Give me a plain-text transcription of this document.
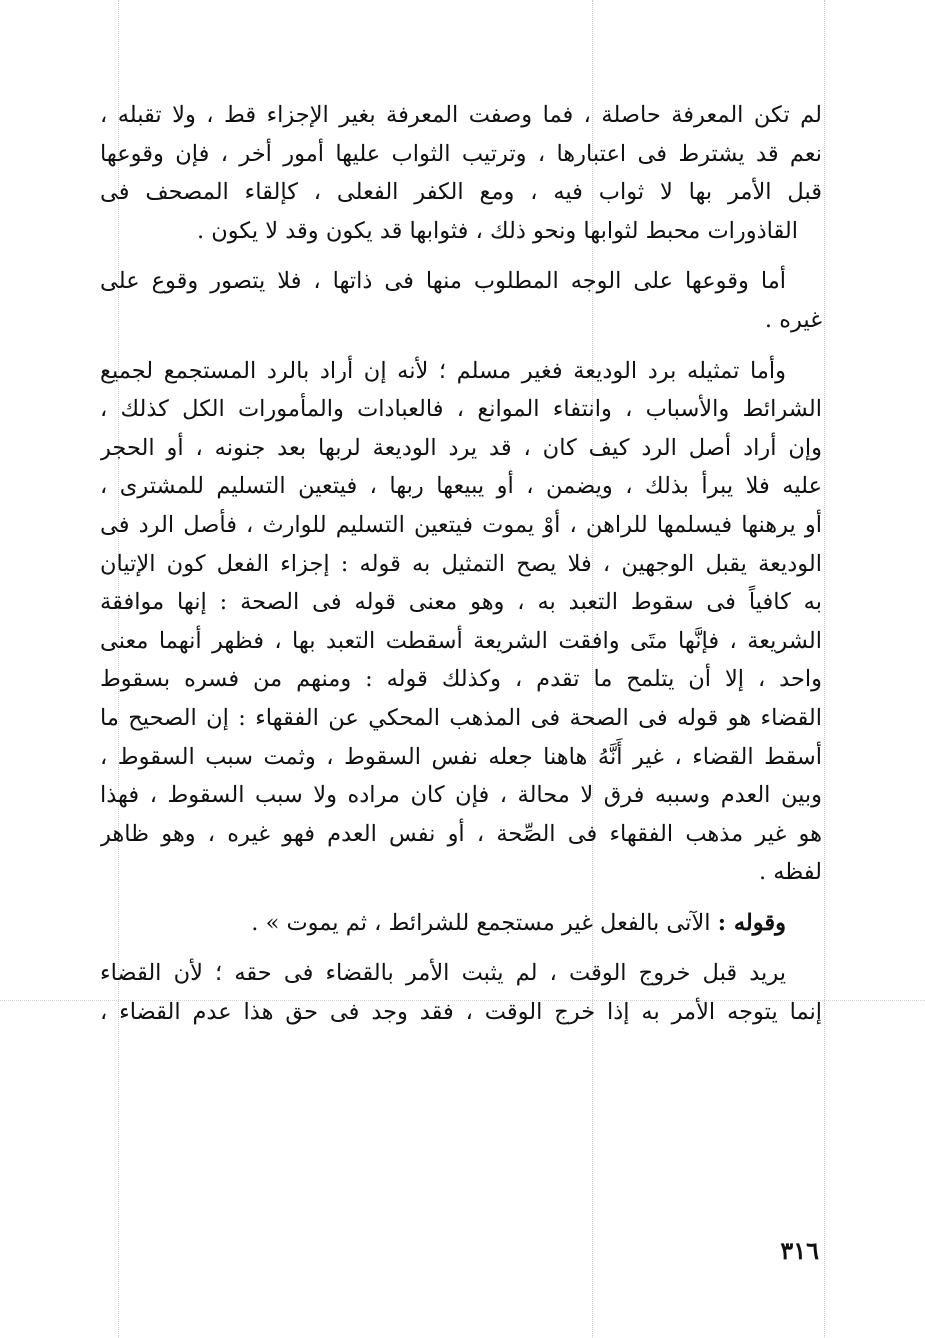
لم تكن المعرفة حاصلة ، فما وصفت المعرفة بغير الإجزاء قط ، ولا تقبله ،
نعم قد يشترط فى اعتبارها ، وترتيب الثواب عليها أمور أخر ، فإن وقوعها
قبل الأمر بها لا ثواب فيه ، ومع الكفر الفعلى ، كإلقاء المصحف فى
القاذورات محبط لثوابها ونحو ذلك ، فثوابها قد يكون وقد لا يكون .
أما وقوعها على الوجه المطلوب منها فى ذاتها ، فلا يتصور وقوع على
غيره .
وأما تمثيله برد الوديعة فغير مسلم ؛ لأنه إن أراد بالرد المستجمع لجميع
الشرائط والأسباب ، وانتفاء الموانع ، فالعبادات والمأمورات الكل كذلك ،
وإن أراد أصل الرد كيف كان ، قد يرد الوديعة لربها بعد جنونه ، أو الحجر
عليه فلا يبرأ بذلك ، ويضمن ، أو يبيعها ربها ، فيتعين التسليم للمشترى ،
أو يرهنها فيسلمها للراهن ، أوْ يموت فيتعين التسليم للوارث ، فأصل الرد فى
الوديعة يقبل الوجهين ، فلا يصح التمثيل به قوله : إجزاء الفعل كون الإتيان
به كافياً فى سقوط التعبد به ، وهو معنى قوله فى الصحة : إنها موافقة
الشريعة ، فإنَّها متَى وافقت الشريعة أسقطت التعبد بها ، فظهر أنهما معنى
واحد ، إلا أن يتلمح ما تقدم ، وكذلك قوله : ومنهم من فسره بسقوط
القضاء هو قوله فى الصحة فى المذهب المحكي عن الفقهاء : إن الصحيح ما
أسقط القضاء ، غير أَنَّهُ هاهنا جعله نفس السقوط ، وثمت سبب السقوط ،
وبين العدم وسببه فرق لا محالة ، فإن كان مراده ولا سبب السقوط ، فهذا
هو غير مذهب الفقهاء فى الصِّحة ، أو نفس العدم فهو غيره ، وهو ظاهر
لفظه .
وقوله : الآتى بالفعل غير مستجمع للشرائط ، ثم يموت » .
يريد قبل خروج الوقت ، لم يثبت الأمر بالقضاء فى حقه ؛ لأن القضاء
إنما يتوجه الأمر به إذا خرج الوقت ، فقد وجد فى حق هذا عدم القضاء ،
٣١٦
